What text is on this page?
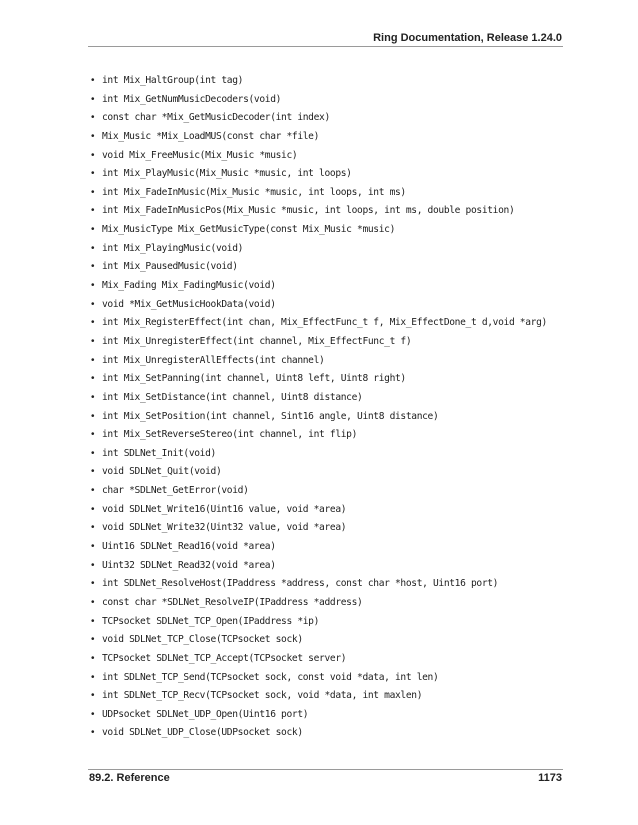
Ring Documentation, Release 1.24.0
• int Mix_HaltGroup(int tag)
• int Mix_GetNumMusicDecoders(void)
• const char *Mix_GetMusicDecoder(int index)
• Mix_Music *Mix_LoadMUS(const char *file)
• void Mix_FreeMusic(Mix_Music *music)
• int Mix_PlayMusic(Mix_Music *music, int loops)
• int Mix_FadeInMusic(Mix_Music *music, int loops, int ms)
• int Mix_FadeInMusicPos(Mix_Music *music, int loops, int ms, double position)
• Mix_MusicType Mix_GetMusicType(const Mix_Music *music)
• int Mix_PlayingMusic(void)
• int Mix_PausedMusic(void)
• Mix_Fading Mix_FadingMusic(void)
• void *Mix_GetMusicHookData(void)
• int Mix_RegisterEffect(int chan, Mix_EffectFunc_t f, Mix_EffectDone_t d,void *arg)
• int Mix_UnregisterEffect(int channel, Mix_EffectFunc_t f)
• int Mix_UnregisterAllEffects(int channel)
• int Mix_SetPanning(int channel, Uint8 left, Uint8 right)
• int Mix_SetDistance(int channel, Uint8 distance)
• int Mix_SetPosition(int channel, Sint16 angle, Uint8 distance)
• int Mix_SetReverseStereo(int channel, int flip)
• int SDLNet_Init(void)
• void SDLNet_Quit(void)
• char *SDLNet_GetError(void)
• void SDLNet_Write16(Uint16 value, void *area)
• void SDLNet_Write32(Uint32 value, void *area)
• Uint16 SDLNet_Read16(void *area)
• Uint32 SDLNet_Read32(void *area)
• int SDLNet_ResolveHost(IPaddress *address, const char *host, Uint16 port)
• const char *SDLNet_ResolveIP(IPaddress *address)
• TCPsocket SDLNet_TCP_Open(IPaddress *ip)
• void SDLNet_TCP_Close(TCPsocket sock)
• TCPsocket SDLNet_TCP_Accept(TCPsocket server)
• int SDLNet_TCP_Send(TCPsocket sock, const void *data, int len)
• int SDLNet_TCP_Recv(TCPsocket sock, void *data, int maxlen)
• UDPsocket SDLNet_UDP_Open(Uint16 port)
• void SDLNet_UDP_Close(UDPsocket sock)
89.2. Reference	1173
